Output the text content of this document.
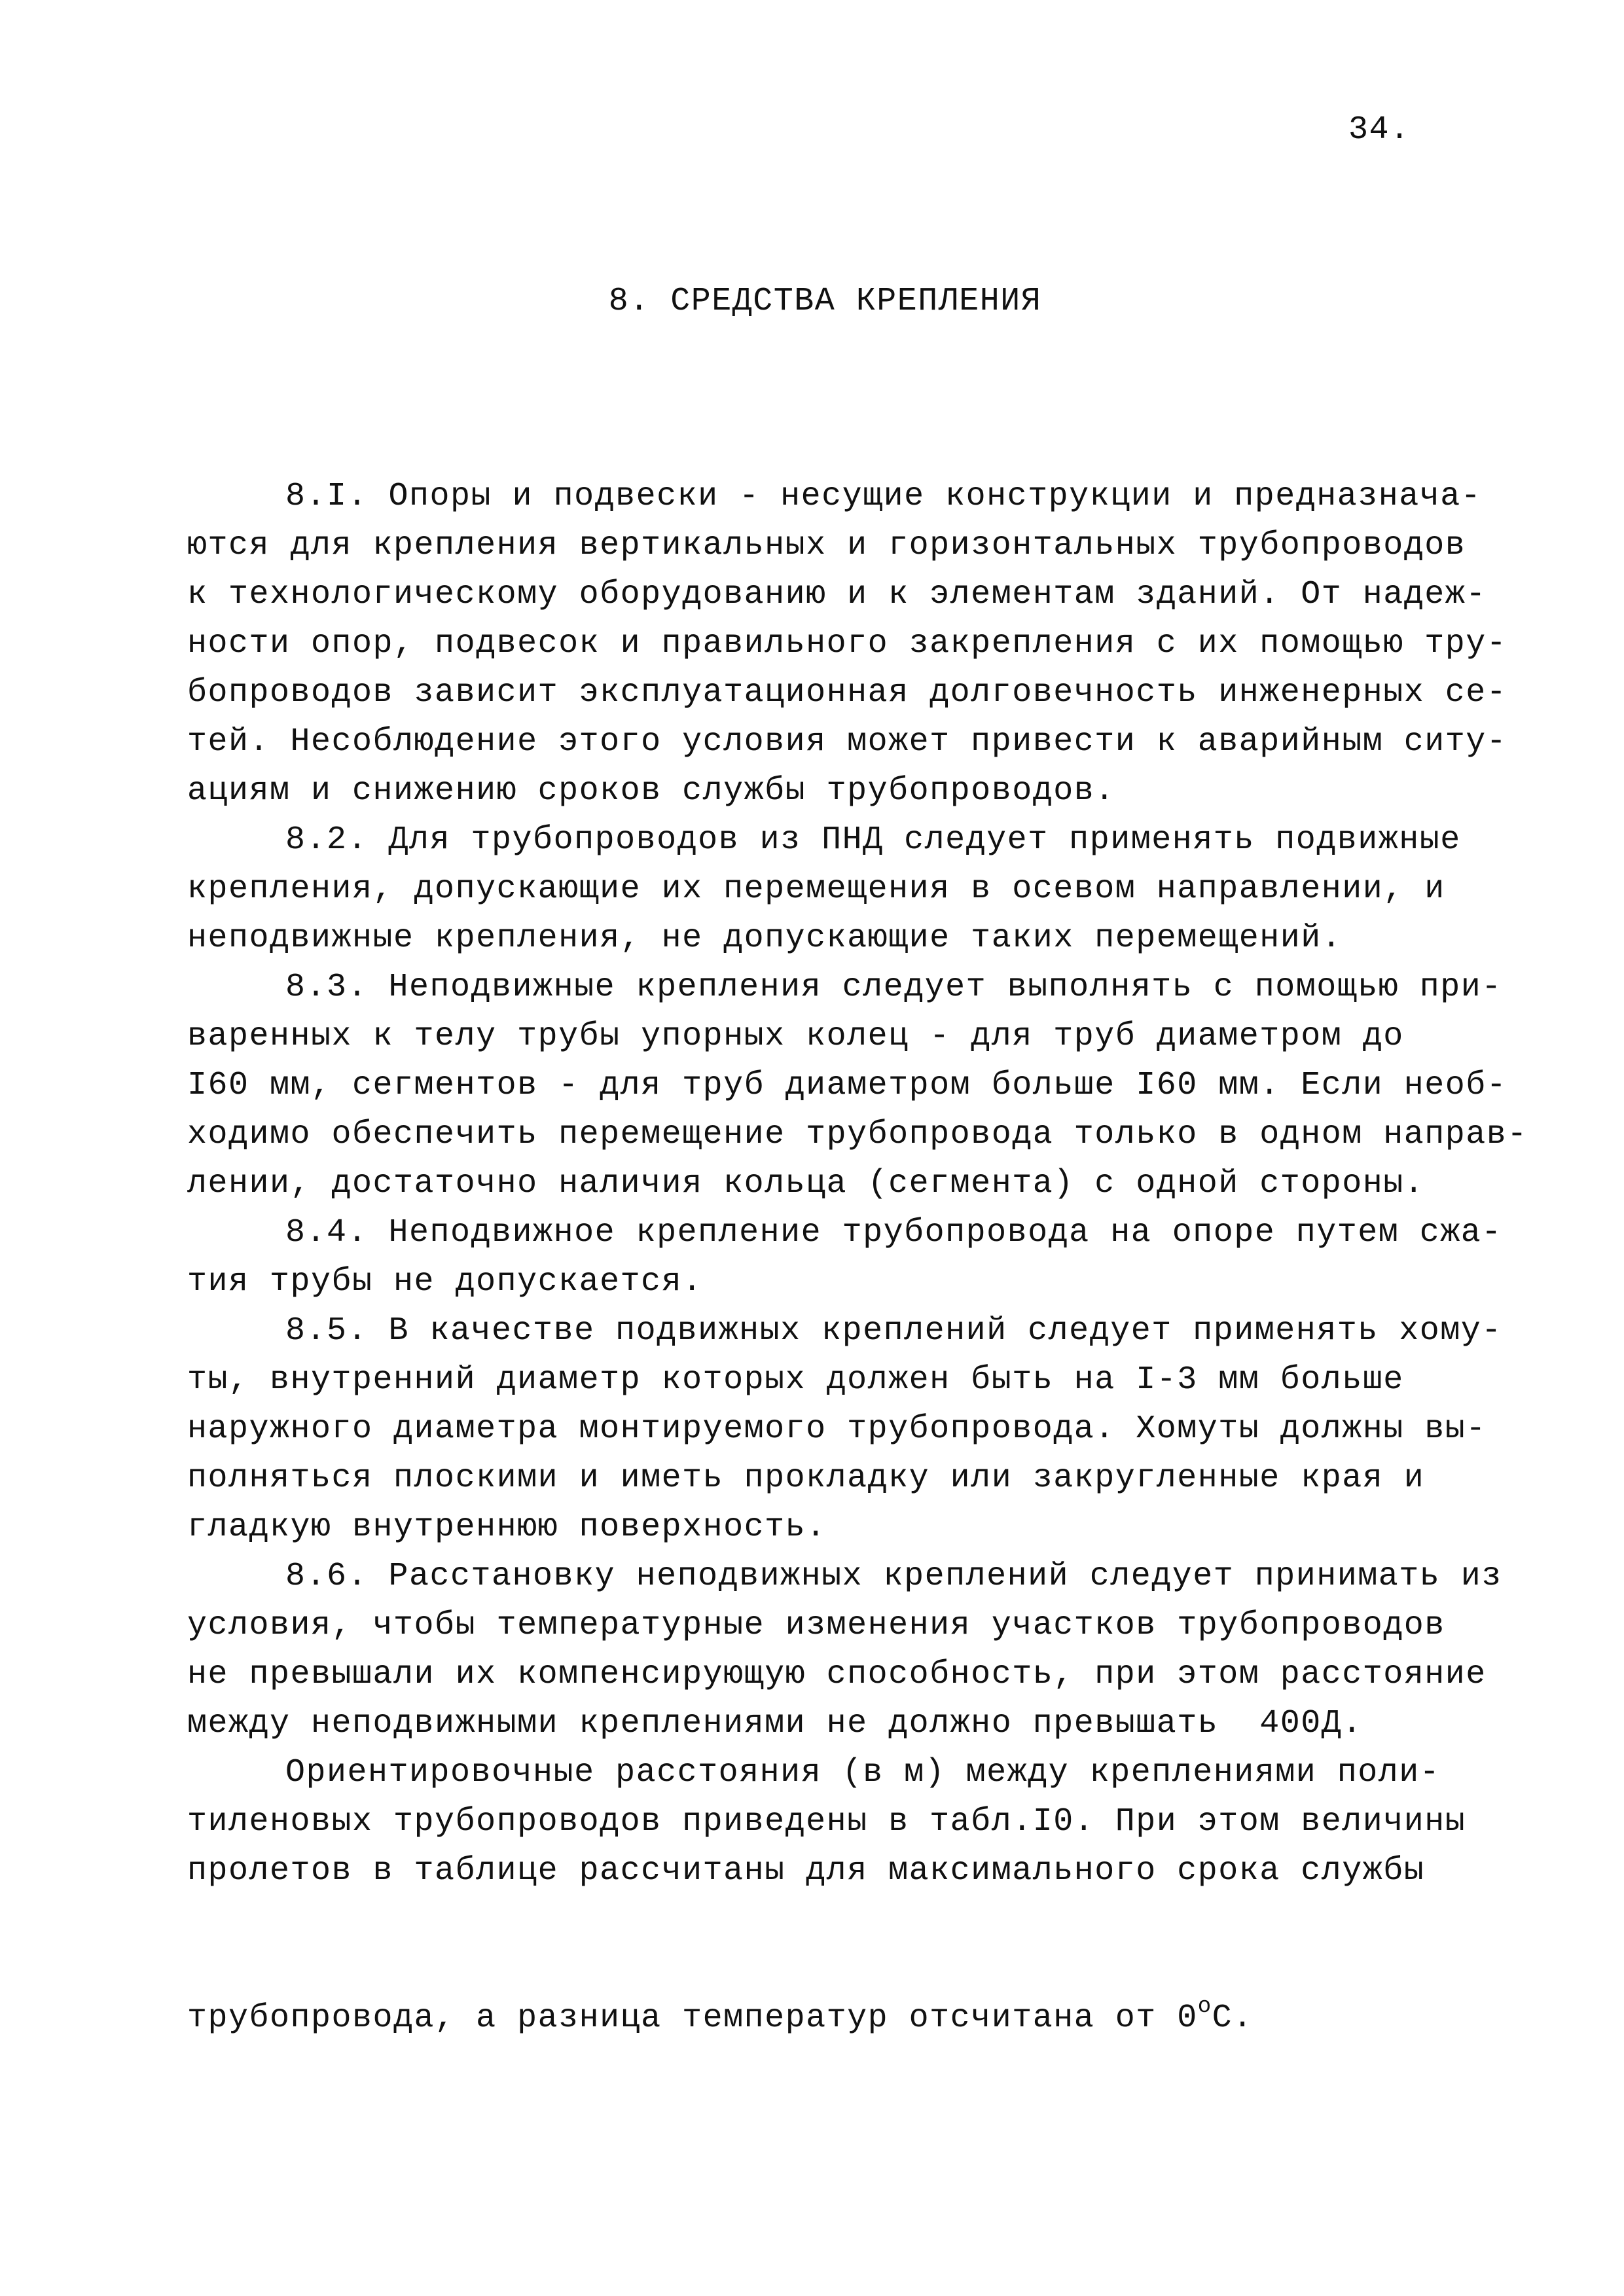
34.
8. СРЕДСТВА КРЕПЛЕНИЯ

8.I. Опоры и подвески - несущие конструкции и предназнача-
ются для крепления вертикальных и горизонтальных трубопроводов
к технологическому оборудованию и к элементам зданий. От надеж-
ности опор, подвесок и правильного закрепления с их помощью тру-
бопроводов зависит эксплуатационная долговечность инженерных се-
тей. Несоблюдение этого условия может привести к аварийным ситу-
ациям и снижению сроков службы трубопроводов.
8.2. Для трубопроводов из ПНД следует применять подвижные
крепления, допускающие их перемещения в осевом направлении, и
неподвижные крепления, не допускающие таких перемещений.
8.3. Неподвижные крепления следует выполнять с помощью при-
варенных к телу трубы упорных колец - для труб диаметром до
I60 мм, сегментов - для труб диаметром больше I60 мм. Если необ-
ходимо обеспечить перемещение трубопровода только в одном направ-
лении, достаточно наличия кольца (сегмента) с одной стороны.
8.4. Неподвижное крепление трубопровода на опоре путем сжа-
тия трубы не допускается.
8.5. В качестве подвижных креплений следует применять хому-
ты, внутренний диаметр которых должен быть на I-3 мм больше
наружного диаметра монтируемого трубопровода. Хомуты должны вы-
полняться плоскими и иметь прокладку или закругленные края и
гладкую внутреннюю поверхность.
8.6. Расстановку неподвижных креплений следует принимать из
условия, чтобы температурные изменения участков трубопроводов
не превышали их компенсирующую способность, при этом расстояние
между неподвижными креплениями не должно превышать  400Д.
Ориентировочные расстояния (в м) между креплениями поли-
тиленовых трубопроводов приведены в табл.I0. При этом величины
пролетов в таблице рассчитаны для максимального срока службы

трубопровода, а разница температур отсчитана от $0^оС$.
